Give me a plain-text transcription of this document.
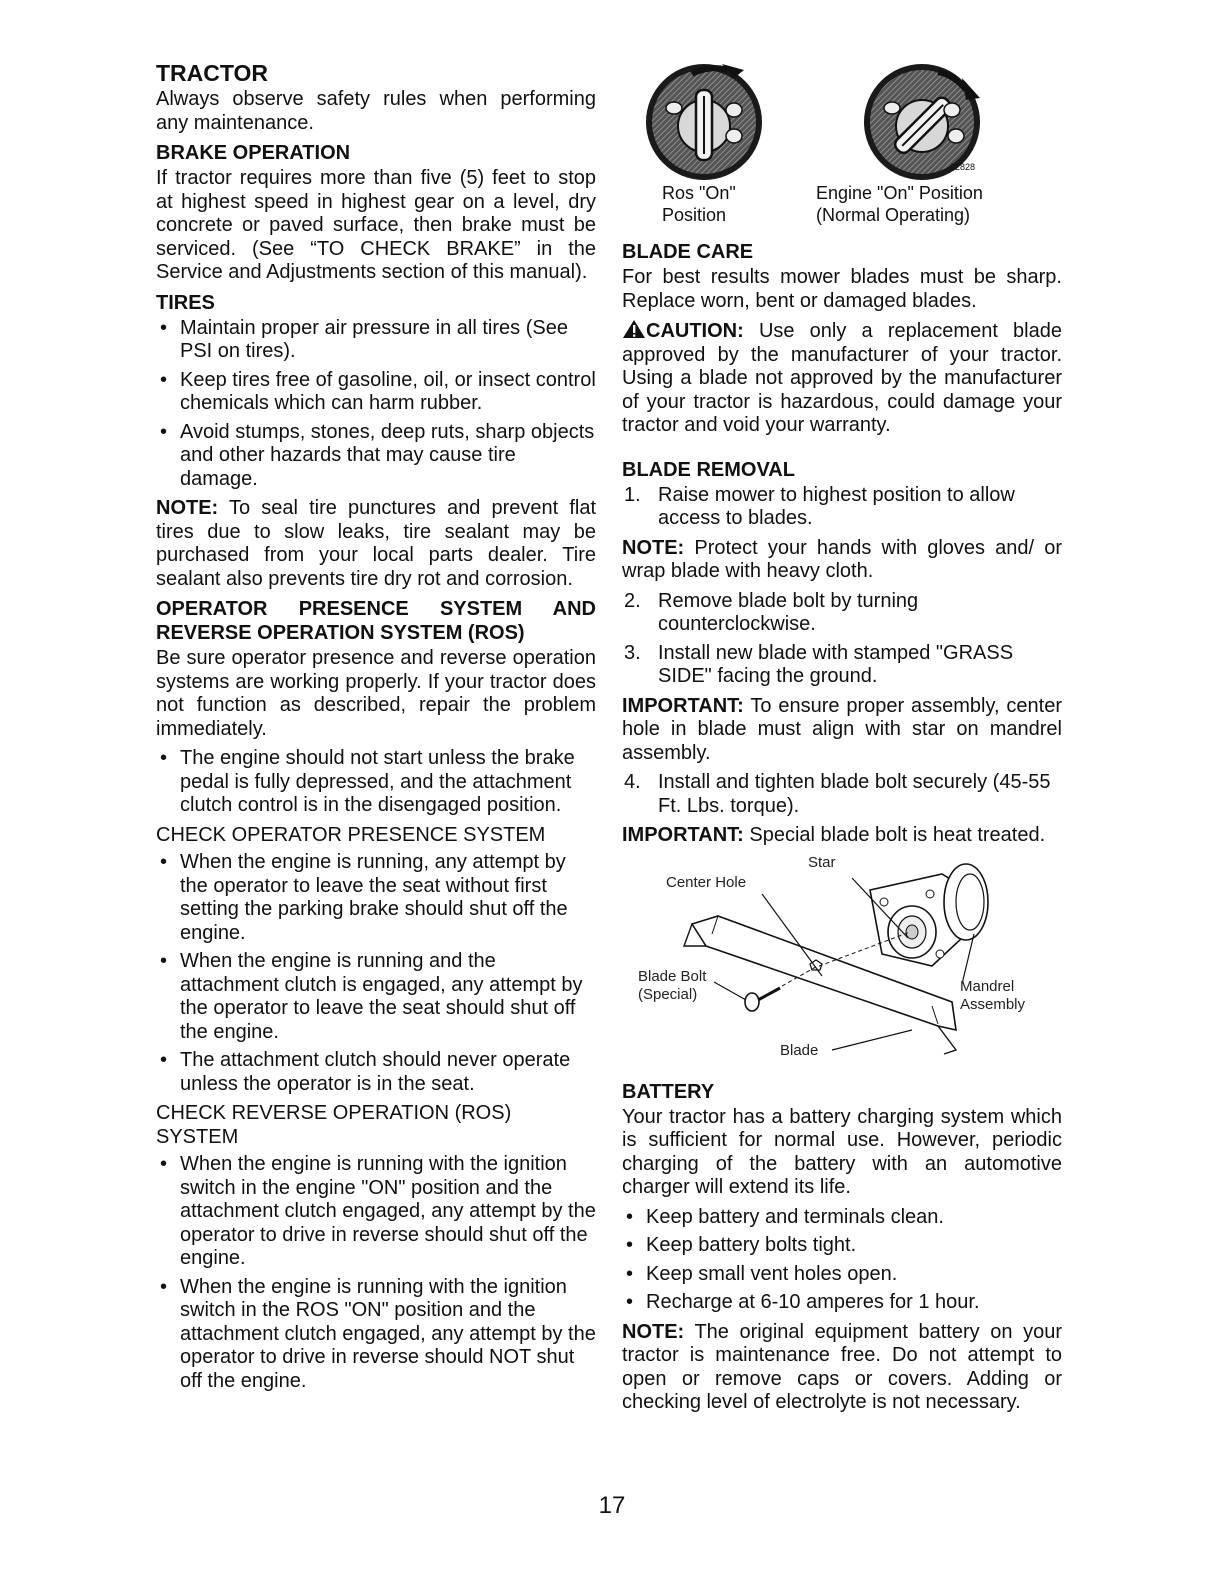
TRACTOR

Always observe safety rules when performing any maintenance.

BRAKE OPERATION

If tractor requires more than five (5) feet to stop at highest speed in highest gear on a level, dry concrete or paved surface, then brake must be serviced. (See “TO CHECK BRAKE” in the Service and Adjustments section of this manual).

TIRES
• Maintain proper air pressure in all tires (See PSI on tires).
• Keep tires free of gasoline, oil, or insect control chemicals which can harm rubber.
• Avoid stumps, stones, deep ruts, sharp objects and other hazards that may cause tire damage.

NOTE: To seal tire punctures and prevent flat tires due to slow leaks, tire sealant may be purchased from your local parts dealer. Tire sealant also prevents tire dry rot and corrosion.

OPERATOR PRESENCE SYSTEM AND REVERSE OPERATION SYSTEM (ROS)

Be sure operator presence and reverse operation systems are working properly. If your tractor does not function as described, repair the problem immediately.

• The engine should not start unless the brake pedal is fully depressed, and the attachment clutch control is in the disengaged position.
CHECK OPERATOR PRESENCE SYSTEM
• When the engine is running, any attempt by the operator to leave the seat without first setting the parking brake should shut off the engine.
• When the engine is running and the attachment clutch is engaged, any attempt by the operator to leave the seat should shut off the engine.
• The attachment clutch should never operate unless the operator is in the seat.
CHECK REVERSE OPERATION (ROS) SYSTEM
• When the engine is running with the ignition switch in the engine "ON" position and the attachment clutch engaged, any attempt by the operator to drive in reverse should shut off the engine.
• When the engine is running with the ignition switch in the ROS "ON" position and the attachment clutch engaged, any attempt by the operator to drive in reverse should NOT shut off the engine.
02828
Ros "On"
Position
Engine "On" Position
(Normal Operating)
BLADE CARE

For best results mower blades must be sharp. Replace worn, bent or damaged blades.

CAUTION: Use only a replacement blade approved by the manufacturer of your tractor. Using a blade not approved by the manufacturer of your tractor is hazardous, could damage your tractor and void your warranty.

BLADE REMOVAL
1. Raise mower to highest position to allow access to blades.

NOTE: Protect your hands with gloves and/ or wrap blade with heavy cloth.

2. Remove blade bolt by turning counterclockwise.
3. Install new blade with stamped "GRASS SIDE" facing the ground.

IMPORTANT: To ensure proper assembly, center hole in blade must align with star on mandrel assembly.

4. Install and tighten blade bolt securely (45-55 Ft. Lbs. torque).

IMPORTANT: Special blade bolt is heat treated.

Star
Center Hole
Blade Bolt
(Special)	Mandrel
Assembly
Blade
BATTERY

Your tractor has a battery charging system which is sufficient for normal use. However, periodic charging of the battery with an automotive charger will extend its life.

• Keep battery and terminals clean.
• Keep battery bolts tight.
• Keep small vent holes open.
• Recharge at 6-10 amperes for 1 hour.

NOTE: The original equipment battery on your tractor is maintenance free. Do not attempt to open or remove caps or covers. Adding or checking level of electrolyte is not necessary.

17
